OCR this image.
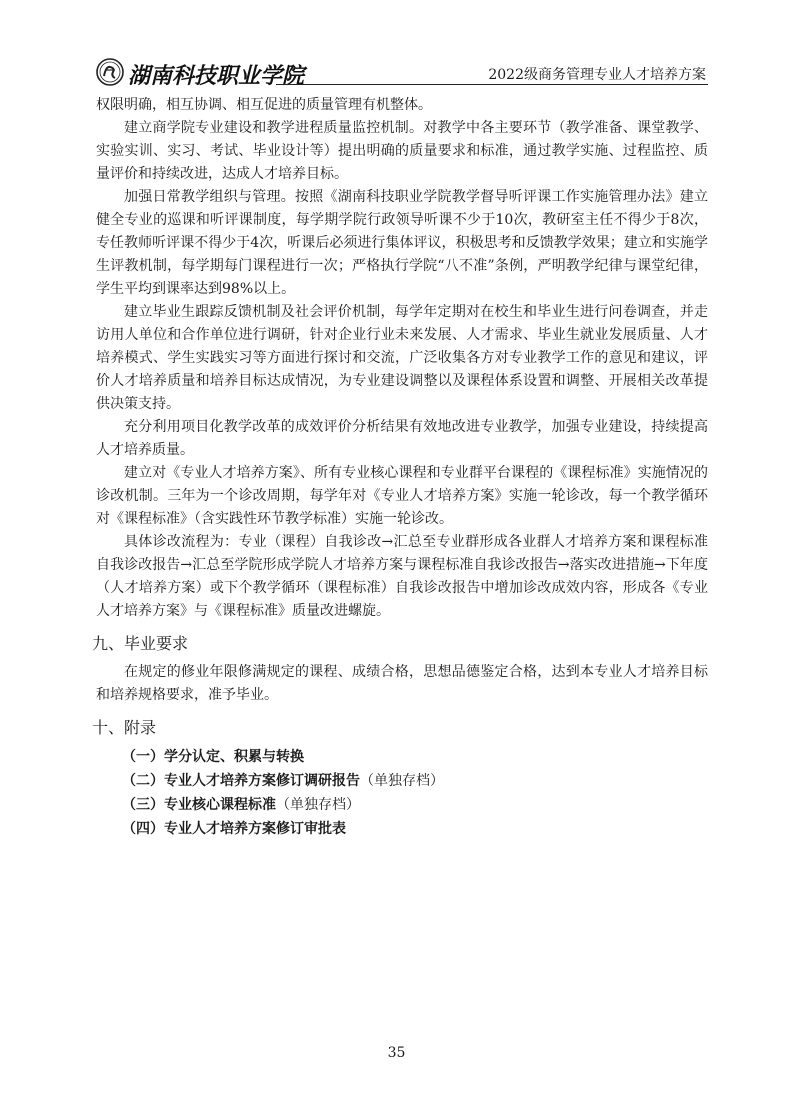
湖南科技职业学院	2022级商务管理专业人才培养方案

权限明确，相互协调、相互促进的质量管理有机整体。

建立商学院专业建设和教学进程质量监控机制。对教学中各主要环节（教学准备、课堂教学、实验实训、实习、考试、毕业设计等）提出明确的质量要求和标准，通过教学实施、过程监控、质量评价和持续改进，达成人才培养目标。

加强日常教学组织与管理。按照《湖南科技职业学院教学督导听评课工作实施管理办法》建立健全专业的巡课和听评课制度，每学期学院行政领导听课不少于10次，教研室主任不得少于8次，专任教师听评课不得少于4次，听课后必须进行集体评议，积极思考和反馈教学效果；建立和实施学生评教机制，每学期每门课程进行一次；严格执行学院“八不准”条例，严明教学纪律与课堂纪律，学生平均到课率达到98%以上。

建立毕业生跟踪反馈机制及社会评价机制，每学年定期对在校生和毕业生进行问卷调查，并走访用人单位和合作单位进行调研，针对企业行业未来发展、人才需求、毕业生就业发展质量、人才培养模式、学生实践实习等方面进行探讨和交流，广泛收集各方对专业教学工作的意见和建议，评价人才培养质量和培养目标达成情况，为专业建设调整以及课程体系设置和调整、开展相关改革提供决策支持。

充分利用项目化教学改革的成效评价分析结果有效地改进专业教学，加强专业建设，持续提高人才培养质量。

建立对《专业人才培养方案》、所有专业核心课程和专业群平台课程的《课程标准》实施情况的诊改机制。三年为一个诊改周期，每学年对《专业人才培养方案》实施一轮诊改，每一个教学循环对《课程标准》（含实践性环节教学标准）实施一轮诊改。

具体诊改流程为：专业（课程）自我诊改→汇总至专业群形成各业群人才培养方案和课程标准自我诊改报告→汇总至学院形成学院人才培养方案与课程标准自我诊改报告→落实改进措施→下年度（人才培养方案）或下个教学循环（课程标准）自我诊改报告中增加诊改成效内容，形成各《专业人才培养方案》与《课程标准》质量改进螺旋。

九、毕业要求

在规定的修业年限修满规定的课程、成绩合格，思想品德鉴定合格，达到本专业人才培养目标和培养规格要求，准予毕业。

十、附录
（一）学分认定、积累与转换
（二）专业人才培养方案修订调研报告（单独存档）
（三）专业核心课程标准（单独存档）
（四）专业人才培养方案修订审批表
35
